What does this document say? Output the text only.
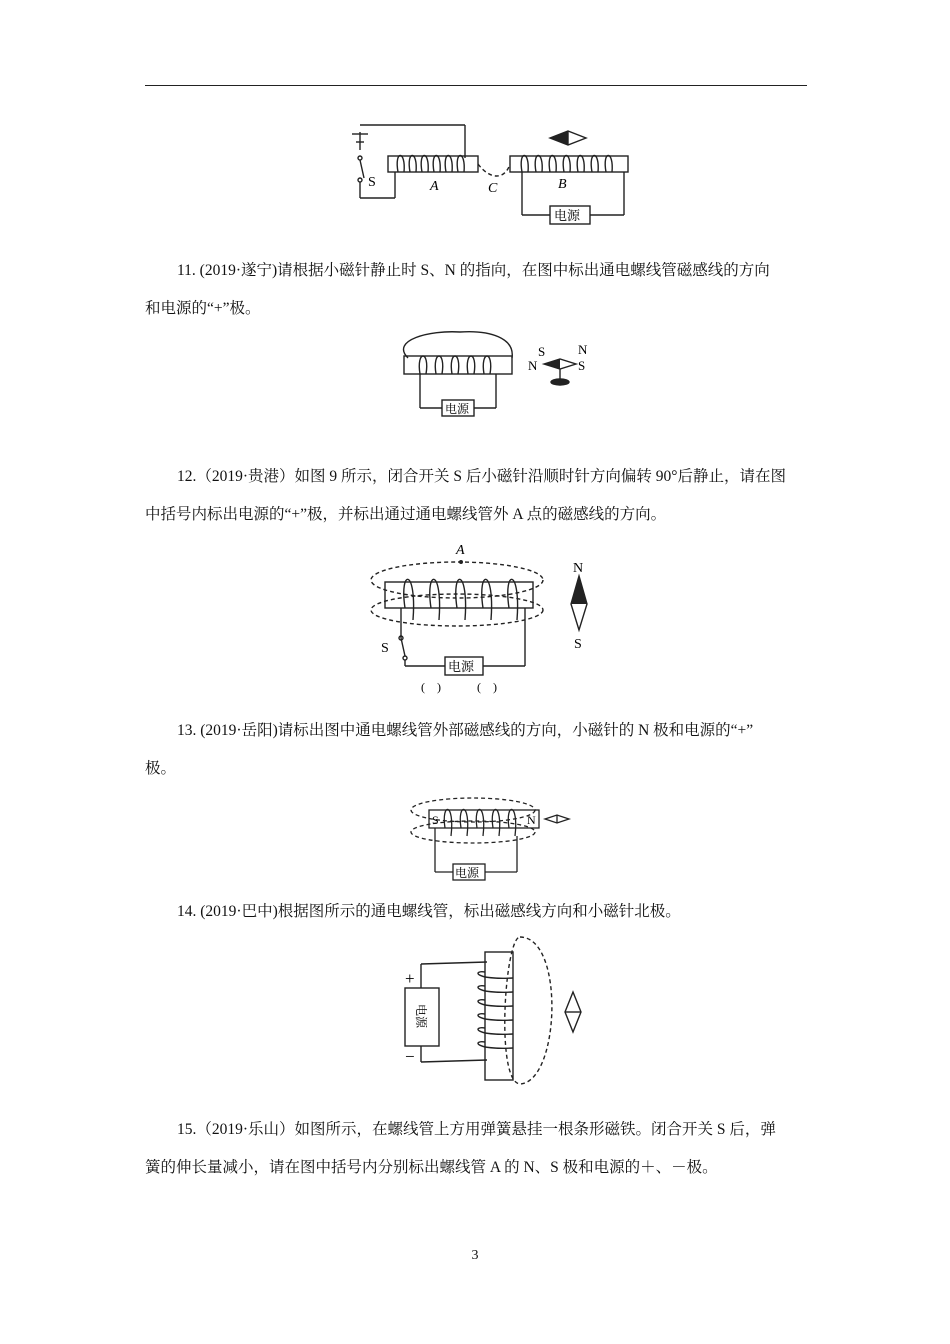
S	A	C	B
电源

11. (2019·遂宁)请根据小磁针静止时 S、N 的指向，在图中标出通电螺线管磁感线的方向
和电源的“+”极。

电源
S	N
N	S

12.（2019·贵港）如图 9 所示，闭合开关 S 后小磁针沿顺时针方向偏转 90°后静止，请在图
中括号内标出电源的“+”极，并标出通过通电螺线管外 A 点的磁感线的方向。

A
S
电源
N
S
(　)	(　)

13. (2019·岳阳)请标出图中通电螺线管外部磁感线的方向，小磁针的 N 极和电源的“+”
极。

S	N
电源

14. (2019·巴中)根据图所示的通电螺线管，标出磁感线方向和小磁针北极。

+
−
电源

15.（2019·乐山）如图所示，在螺线管上方用弹簧悬挂一根条形磁铁。闭合开关 S 后，弹
簧的伸长量减小，请在图中括号内分别标出螺线管 A 的 N、S 极和电源的＋、－极。

3
